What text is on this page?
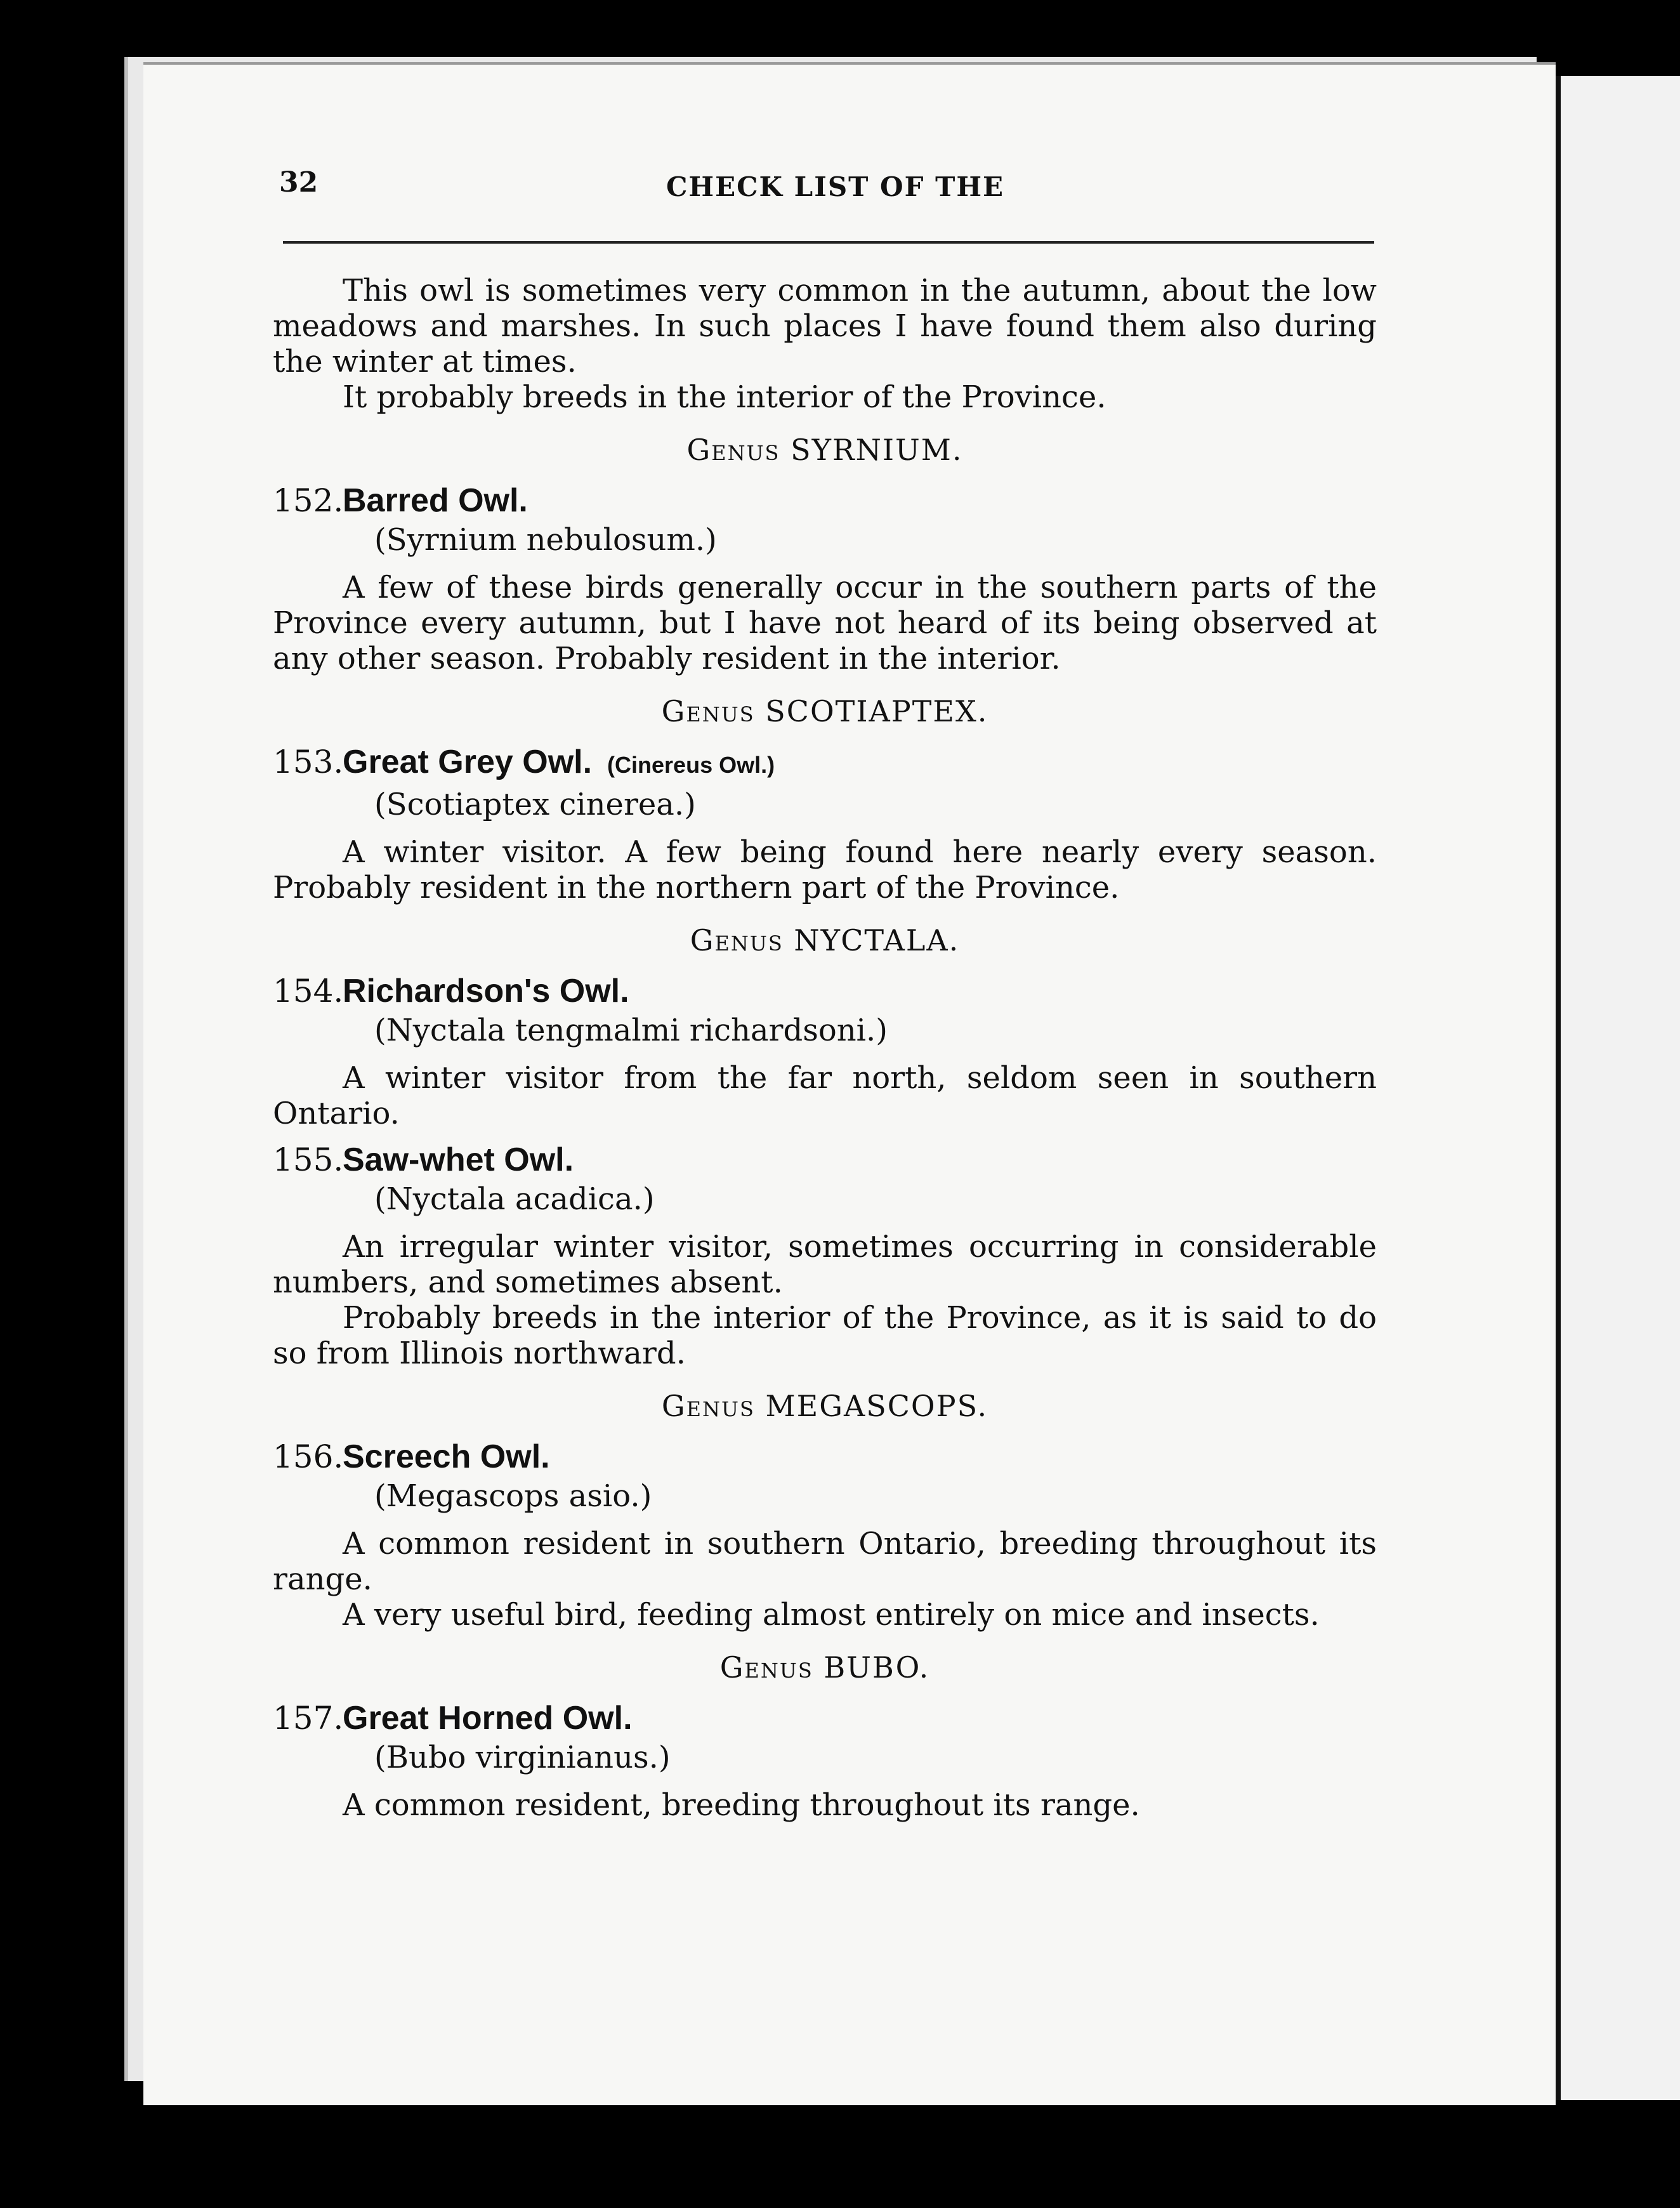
32	CHECK LIST OF THE

This owl is sometimes very common in the autumn, about the low meadows and marshes. In such places I have found them also during the winter at times.

It probably breeds in the interior of the Province.

Genus SYRNIUM.
152.Barred Owl.
(Syrnium nebulosum.)

A few of these birds generally occur in the southern parts of the Province every autumn, but I have not heard of its being observed at any other season. Probably resident in the interior.

Genus SCOTIAPTEX.
153.Great Grey Owl. (Cinereus Owl.)
(Scotiaptex cinerea.)

A winter visitor. A few being found here nearly every season. Probably resident in the northern part of the Province.

Genus NYCTALA.
154.Richardson's Owl.
(Nyctala tengmalmi richardsoni.)

A winter visitor from the far north, seldom seen in southern Ontario.

155.Saw-whet Owl.
(Nyctala acadica.)

An irregular winter visitor, sometimes occurring in considerable numbers, and sometimes absent.

Probably breeds in the interior of the Province, as it is said to do so from Illinois northward.

Genus MEGASCOPS.
156.Screech Owl.
(Megascops asio.)

A common resident in southern Ontario, breeding throughout its range.

A very useful bird, feeding almost entirely on mice and insects.

Genus BUBO.
157.Great Horned Owl.
(Bubo virginianus.)

A common resident, breeding throughout its range.
